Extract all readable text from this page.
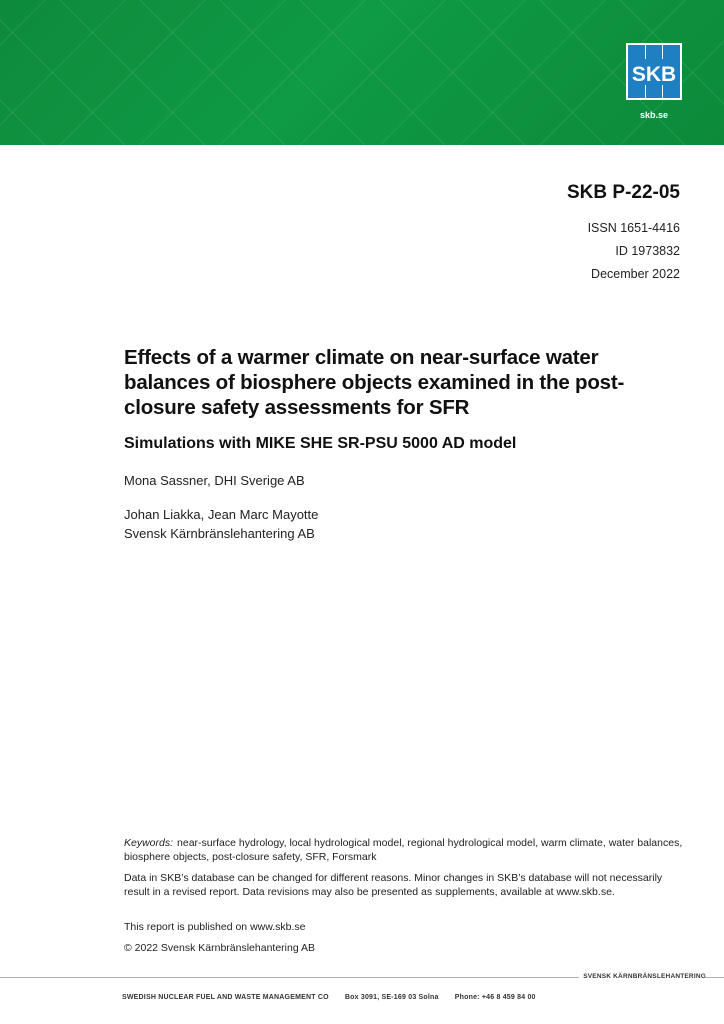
SKB
skb.se
SKB P-22-05
ISSN 1651-4416
ID 1973832
December 2022
Effects of a warmer climate on near-surface water
balances of biosphere objects examined in the post-
closure safety assessments for SFR
Simulations with MIKE SHE SR-PSU 5000 AD model
Mona Sassner, DHI Sverige AB
Johan Liakka, Jean Marc Mayotte
Svensk Kärnbränslehantering AB
Keywords: near-surface hydrology, local hydrological model, regional hydrological model, warm climate, water balances, biosphere objects, post-closure safety, SFR, Forsmark
Data in SKB’s database can be changed for different reasons. Minor changes in SKB’s database will not necessarily result in a revised report. Data revisions may also be presented as supplements, available at www.skb.se.
This report is published on www.skb.se
© 2022 Svensk Kärnbränslehantering AB
SVENSK KÄRNBRÄNSLEHANTERING
SWEDISH NUCLEAR FUEL AND WASTE MANAGEMENT CO Box 3091, SE-169 03 Solna Phone: +46 8 459 84 00
